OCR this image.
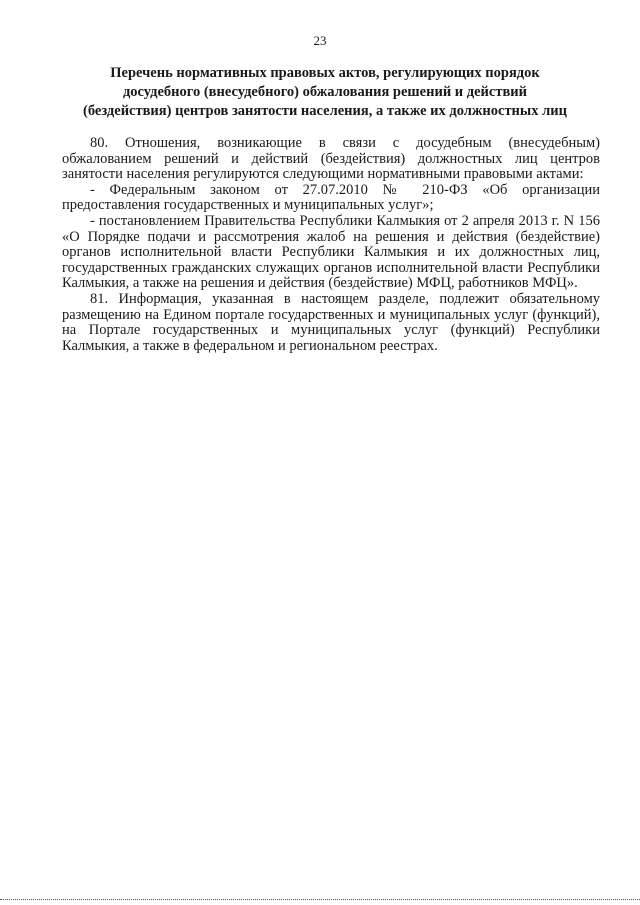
23
Перечень нормативных правовых актов, регулирующих порядок
досудебного (внесудебного) обжалования решений и действий
(бездействия) центров занятости населения, а также их должностных лиц

80. Отношения, возникающие в связи с досудебным (внесудебным) обжалованием решений и действий (бездействия) должностных лиц центров занятости населения регулируются следующими нормативными правовыми актами:

- Федеральным законом от 27.07.2010 № 210-ФЗ «Об организации предоставления государственных и муниципальных услуг»;

- постановлением Правительства Республики Калмыкия от 2 апреля 2013 г. N 156 «О Порядке подачи и рассмотрения жалоб на решения и действия (бездействие) органов исполнительной власти Республики Калмыкия и их должностных лиц, государственных гражданских служащих органов исполнительной власти Республики Калмыкия, а также на решения и действия (бездействие) МФЦ, работников МФЦ».

81. Информация, указанная в настоящем разделе, подлежит обязательному размещению на Едином портале государственных и муниципальных услуг (функций), на Портале государственных и муниципальных услуг (функций) Республики Калмыкия, а также в федеральном и региональном реестрах.
